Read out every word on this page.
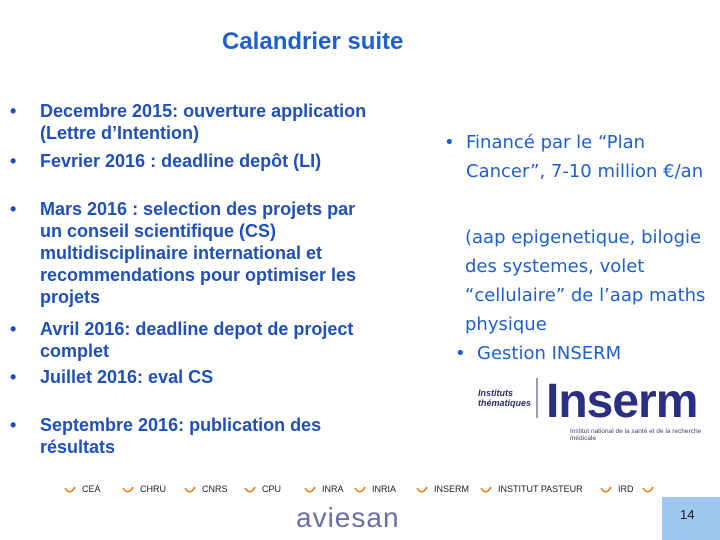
Calandrier suite
•	Decembre 2015: ouverture application (Lettre d’Intention)
•	Fevrier 2016 : deadline depôt (LI)
•	Mars 2016 : selection des projets par un conseil scientifique (CS) multidisciplinaire international et recommendations pour optimiser les projets
•	Avril 2016: deadline depot de project complet
•	Juillet 2016: eval CS
•	Septembre 2016: publication des résultats
• Financé par le “Plan Cancer”, 7-10 million €/an
(aap epigenetique, bilogie des systemes, volet “cellulaire” de l’aap maths physique
• Gestion INSERM
Instituts thématiques Inserm
Institut national de la santé et de la recherche médicale
CEA	CHRU	CNRS	CPU	INRA	INRIA	INSERM	INSTITUT PASTEUR	IRD
aviesan	14
